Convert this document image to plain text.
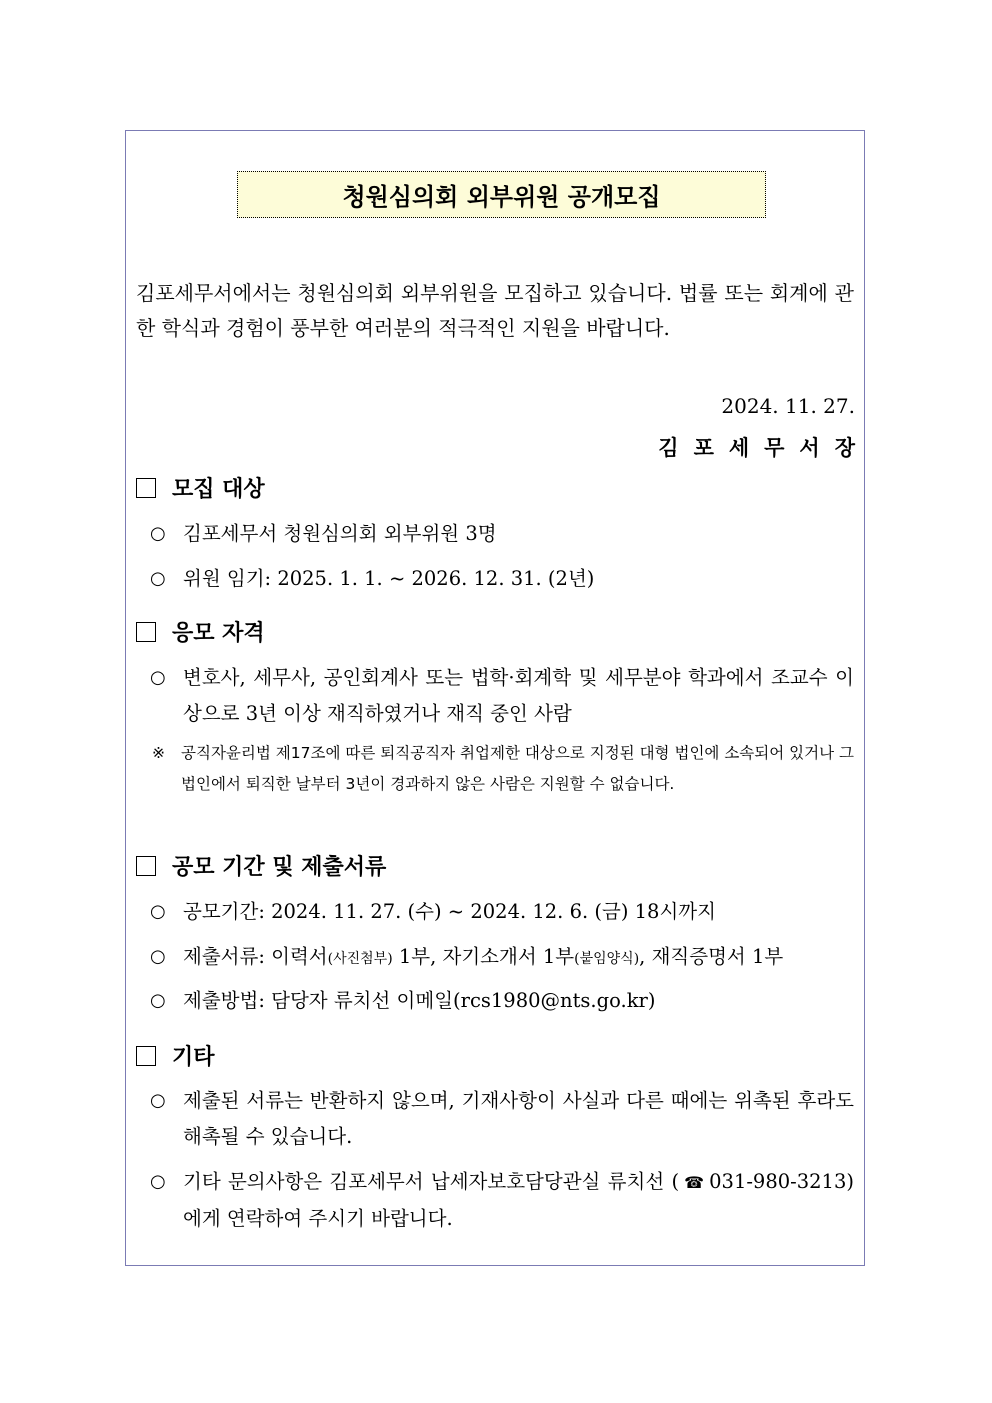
청원심의회 외부위원 공개모집
김포세무서에서는 청원심의회 외부위원을 모집하고 있습니다. 법률 또는 회계에 관한 학식과 경험이 풍부한 여러분의 적극적인 지원을 바랍니다.
2024. 11. 27.
김포세무서장
모집 대상
○ 김포세무서 청원심의회 외부위원 3명
○ 위원 임기: 2025. 1. 1. ~ 2026. 12. 31. (2년)
응모 자격
○ 변호사, 세무사, 공인회계사 또는 법학·회계학 및 세무분야 학과에서 조교수 이상으로 3년 이상 재직하였거나 재직 중인 사람
※ 공직자윤리법 제17조에 따른 퇴직공직자 취업제한 대상으로 지정된 대형 법인에 소속되어 있거나 그 법인에서 퇴직한 날부터 3년이 경과하지 않은 사람은 지원할 수 없습니다.
공모 기간 및 제출서류
○ 공모기간: 2024. 11. 27. (수) ~ 2024. 12. 6. (금) 18시까지
○ 제출서류: 이력서(사진첨부) 1부, 자기소개서 1부(붙임양식), 재직증명서 1부
○ 제출방법: 담당자 류치선 이메일(rcs1980@nts.go.kr)
기타
○ 제출된 서류는 반환하지 않으며, 기재사항이 사실과 다른 때에는 위촉된 후라도 해촉될 수 있습니다.
○ 기타 문의사항은 김포세무서 납세자보호담당관실 류치선 ( ☎ 031-980-3213)에게 연락하여 주시기 바랍니다.
